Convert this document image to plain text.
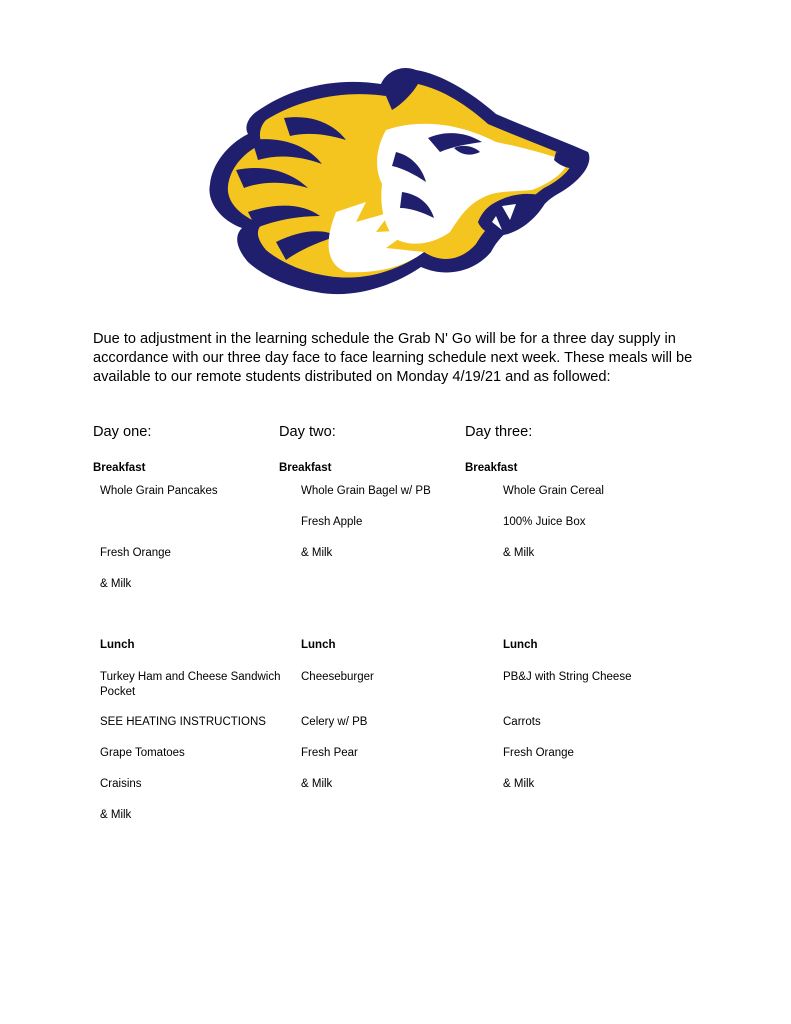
Due to adjustment in the learning schedule the Grab N' Go will be for a three day supply in accordance with our three day face to face learning schedule next week. These meals will be available to our remote students distributed on Monday 4/19/21 and as followed:

Day one:
Breakfast
Whole Grain Pancakes
Fresh Orange
& Milk
Lunch
Turkey Ham and Cheese Sandwich Pocket
SEE HEATING INSTRUCTIONS
Grape Tomatoes
Craisins
& Milk
Day two:
Breakfast
Whole Grain Bagel w/ PB
Fresh Apple
& Milk
Lunch
Cheeseburger
Celery w/ PB
Fresh Pear
& Milk
Day three:
Breakfast
Whole Grain Cereal
100% Juice Box
& Milk
Lunch
PB&J with String Cheese
Carrots
Fresh Orange
& Milk
